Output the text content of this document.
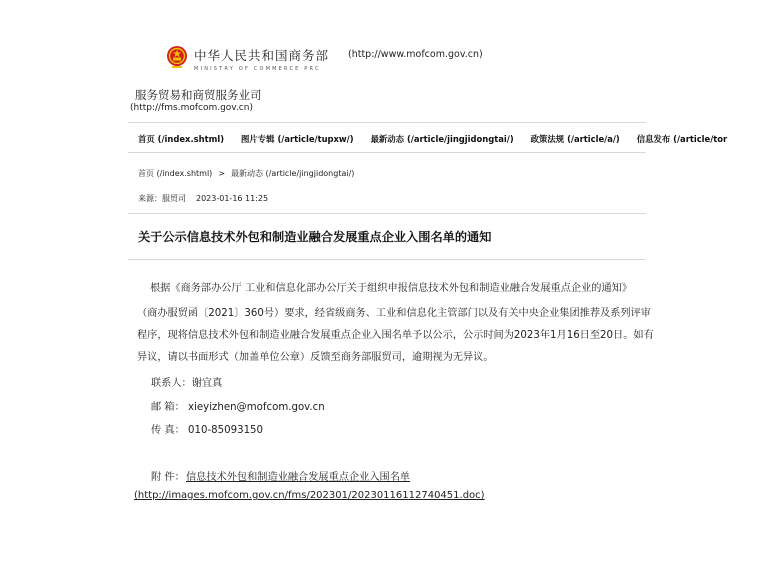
中华人民共和国商务部 (http://www.mofcom.gov.cn)
MINISTRY OF COMMERCE PRC
服务贸易和商贸服务业司
(http://fms.mofcom.gov.cn)
首页 (/index.shtml) 图片专辑 (/article/tupxw/) 最新动态 (/article/jingjidongtai/) 政策法规 (/article/a/) 信息发布 (/article/tor
首页 (/index.shtml) > 最新动态 (/article/jingjidongtai/)
来源：服贸司 2023-01-16 11:25
关于公示信息技术外包和制造业融合发展重点企业入围名单的通知
根据《商务部办公厅 工业和信息化部办公厅关于组织申报信息技术外包和制造业融合发展重点企业的通知》
（商办服贸函〔2021〕360号）要求，经省级商务、工业和信息化主管部门以及有关中央企业集团推荐及系列评审
程序，现将信息技术外包和制造业融合发展重点企业入围名单予以公示，公示时间为2023年1月16日至20日。如有
异议，请以书面形式（加盖单位公章）反馈至商务部服贸司，逾期视为无异议。
联系人：谢宜真
邮 箱： xieyizhen@mofcom.gov.cn
传 真： 010-85093150
附 件： 信息技术外包和制造业融合发展重点企业入围名单
(http://images.mofcom.gov.cn/fms/202301/20230116112740451.doc)
